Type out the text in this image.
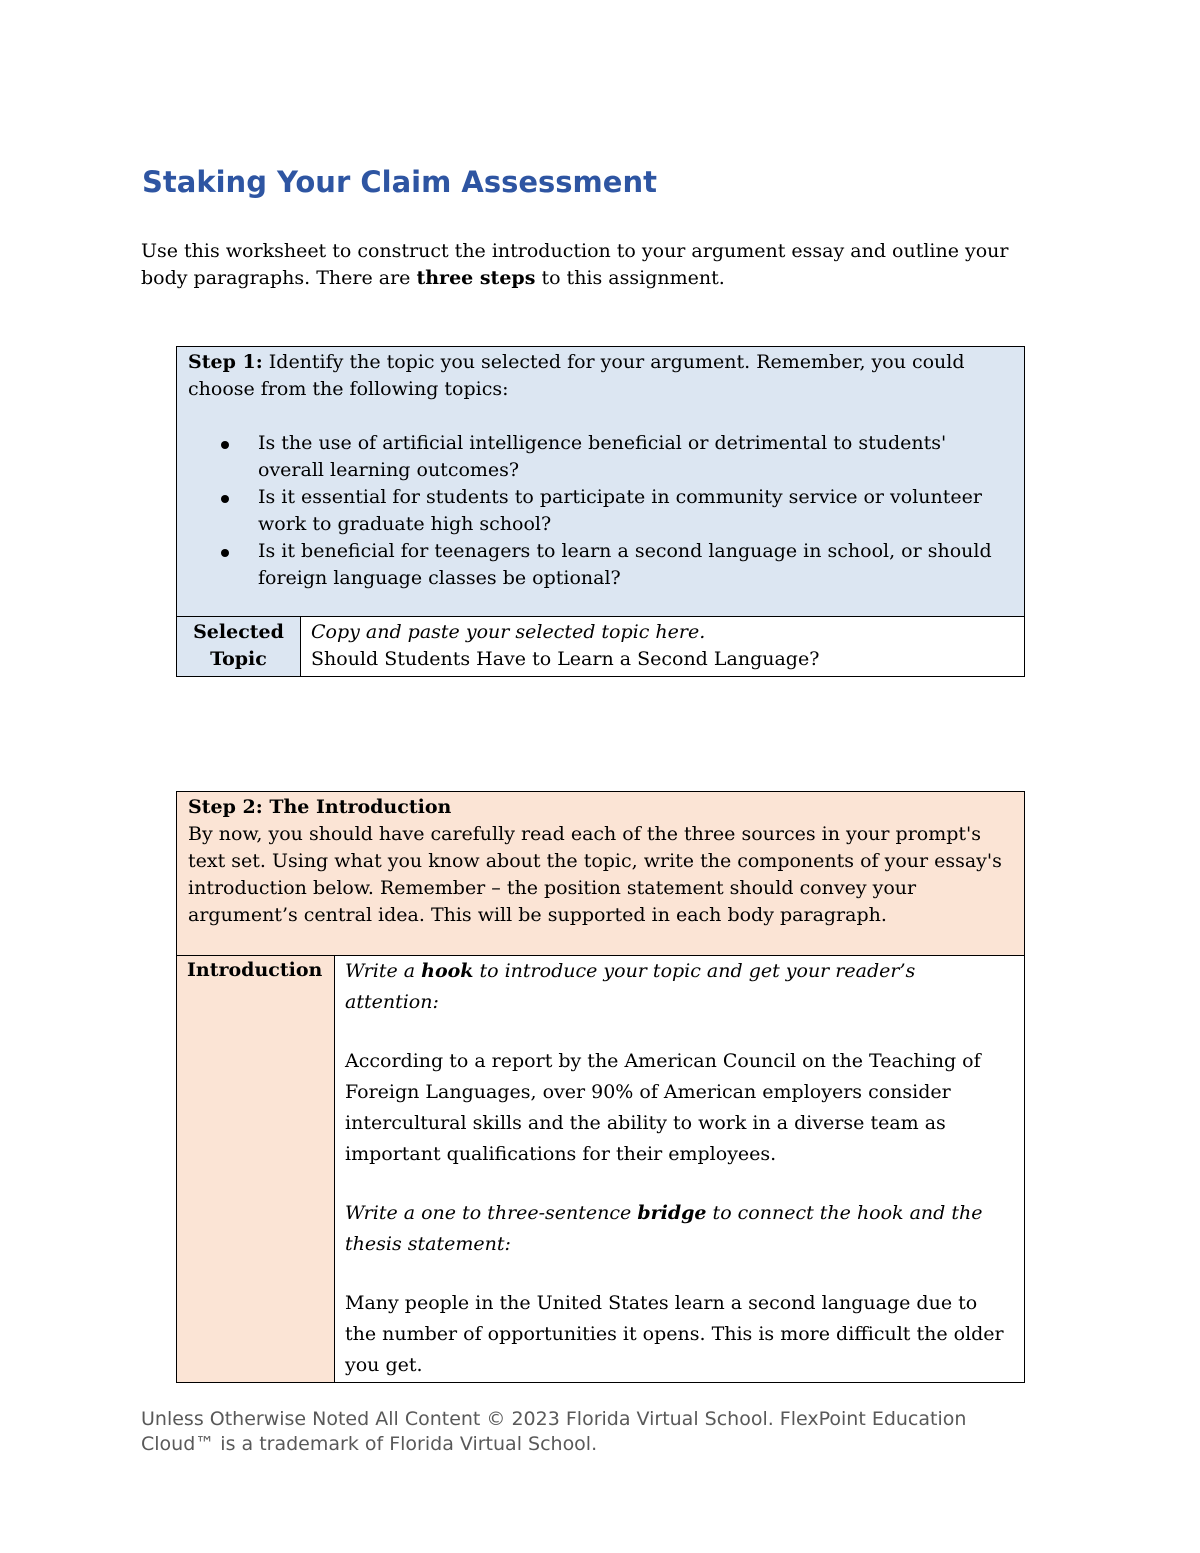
Staking Your Claim Assessment

Use this worksheet to construct the introduction to your argument essay and outline your body paragraphs. There are three steps to this assignment.

Step 1: Identify the topic you selected for your argument. Remember, you could choose from the following topics:
Is the use of artificial intelligence beneficial or detrimental to students' overall learning outcomes?
Is it essential for students to participate in community service or volunteer work to graduate high school?
Is it beneficial for teenagers to learn a second language in school, or should foreign language classes be optional?

Selected Topic	Copy and paste your selected topic here.
Should Students Have to Learn a Second Language?
Step 2: The Introduction
By now, you should have carefully read each of the three sources in your prompt's text set. Using what you know about the topic, write the components of your essay's introduction below. Remember – the position statement should convey your argument’s central idea. This will be supported in each body paragraph.
Introduction	Write a hook to introduce your topic and get your reader’s attention:

According to a report by the American Council on the Teaching of Foreign Languages, over 90% of American employers consider intercultural skills and the ability to work in a diverse team as important qualifications for their employees.

Write a one to three-sentence bridge to connect the hook and the thesis statement:

Many people in the United States learn a second language due to the number of opportunities it opens. This is more difficult the older you get.

Unless Otherwise Noted All Content © 2023 Florida Virtual School. FlexPoint Education Cloud™ is a trademark of Florida Virtual School.
